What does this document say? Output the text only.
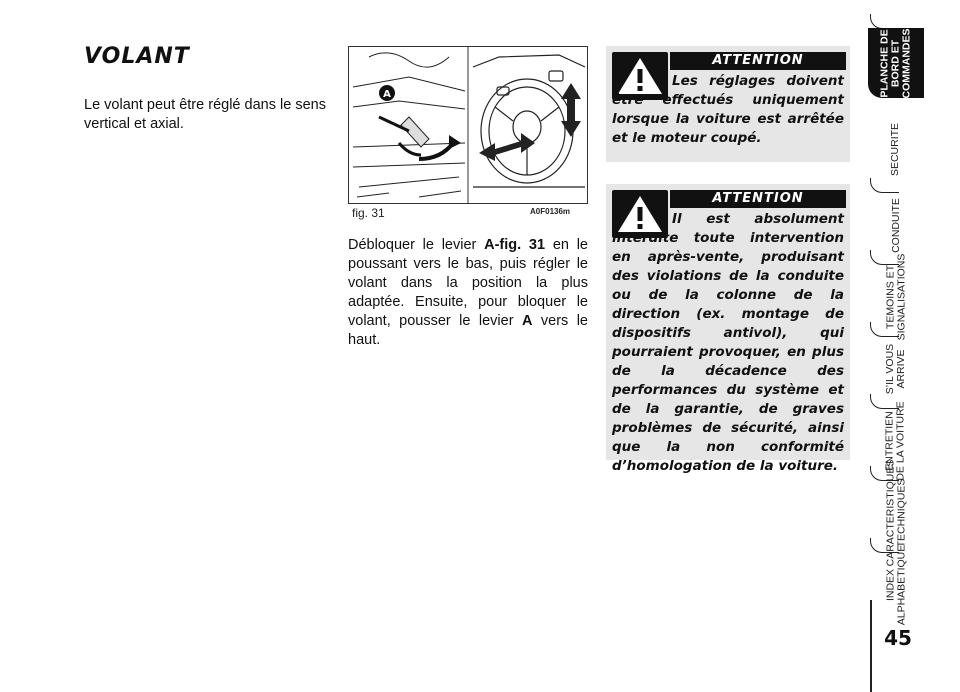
VOLANT

Le volant peut être réglé dans le sens vertical et axial.

A
fig. 31	A0F0136m

Débloquer le levier A-fig. 31 en le poussant vers le bas, puis régler le volant dans la position la plus adaptée. Ensuite, pour bloquer le volant, pousser le levier A vers le haut.

ATTENTION

Les réglages doivent être effectués uniquement lorsque la voiture est arrêtée et le moteur coupé.

ATTENTION

Il est absolument interdite toute intervention en après-vente, produisant des violations de la conduite ou de la colonne de la direction (ex. montage de dispositifs antivol), qui pourraient provoquer, en plus de la décadence des performances du système et de la garantie, de graves problèmes de sécurité, ainsi que la non conformité d’homologation de la voiture.

PLANCHE DE
BORD ET
COMMANDES
SECURITE
CONDUITE
TEMOINS ET
SIGNALISATIONS
S’IL VOUS
ARRIVE
ENTRETIEN
DE LA VOITURE
CARACTERISTIQUES
TECHNIQUES
INDEX
ALPHABETIQUE

45
